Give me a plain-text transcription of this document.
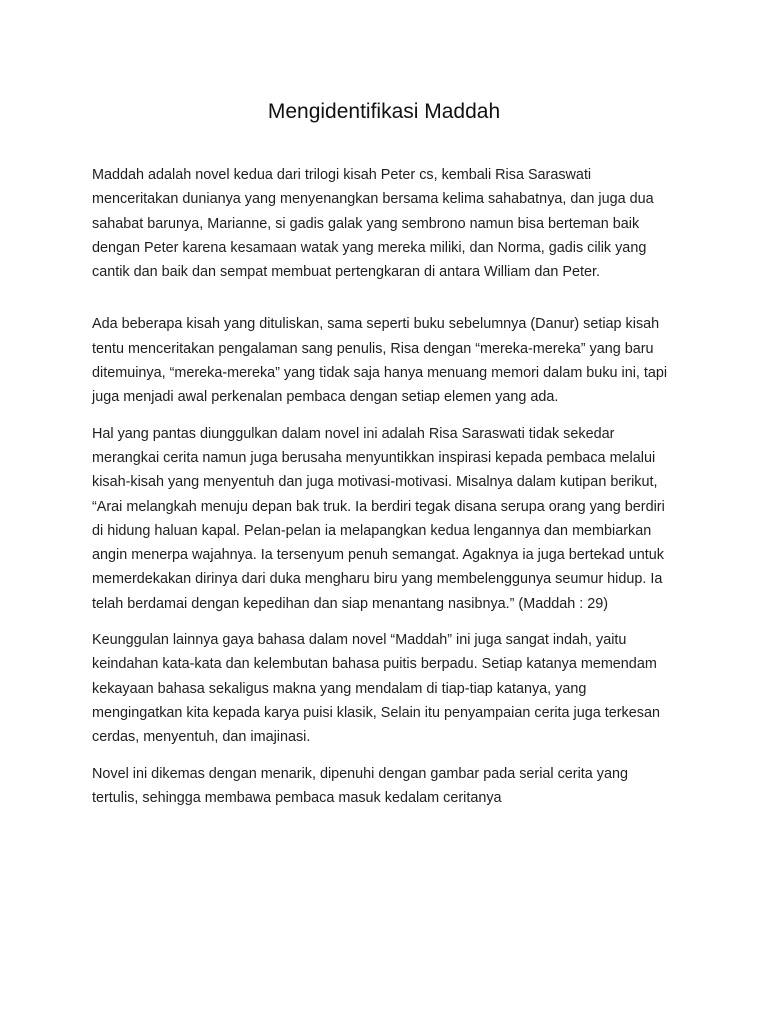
Mengidentifikasi Maddah

Maddah adalah novel kedua dari trilogi kisah Peter cs, kembali Risa Saraswati menceritakan dunianya yang menyenangkan bersama kelima sahabatnya, dan juga dua sahabat barunya, Marianne, si gadis galak yang sembrono namun bisa berteman baik dengan Peter karena kesamaan watak yang mereka miliki, dan Norma, gadis cilik yang cantik dan baik dan sempat membuat pertengkaran di antara William dan Peter.

Ada beberapa kisah yang dituliskan, sama seperti buku sebelumnya (Danur) setiap kisah tentu menceritakan pengalaman sang penulis, Risa dengan “mereka-mereka” yang baru ditemuinya, “mereka-mereka” yang tidak saja hanya menuang memori dalam buku ini, tapi juga menjadi awal perkenalan pembaca dengan setiap elemen yang ada.

Hal yang pantas diunggulkan dalam novel ini adalah Risa Saraswati tidak sekedar merangkai cerita namun juga berusaha menyuntikkan inspirasi kepada pembaca melalui kisah-kisah yang menyentuh dan juga motivasi-motivasi. Misalnya dalam kutipan berikut, “Arai melangkah menuju depan bak truk. Ia berdiri tegak disana serupa orang yang berdiri di hidung haluan kapal. Pelan-pelan ia melapangkan kedua lengannya dan membiarkan angin menerpa wajahnya. Ia tersenyum penuh semangat. Agaknya ia juga bertekad untuk memerdekakan dirinya dari duka mengharu biru yang membelenggunya seumur hidup. Ia telah berdamai dengan kepedihan dan siap menantang nasibnya.” (Maddah : 29)

Keunggulan lainnya gaya bahasa dalam novel “Maddah” ini juga sangat indah, yaitu keindahan kata-kata dan kelembutan bahasa puitis berpadu. Setiap katanya memendam kekayaan bahasa sekaligus makna yang mendalam di tiap-tiap katanya, yang mengingatkan kita kepada karya puisi klasik, Selain itu penyampaian cerita juga terkesan cerdas, menyentuh, dan imajinasi.

Novel ini dikemas dengan menarik, dipenuhi dengan gambar pada serial cerita yang tertulis, sehingga membawa pembaca masuk kedalam ceritanya
